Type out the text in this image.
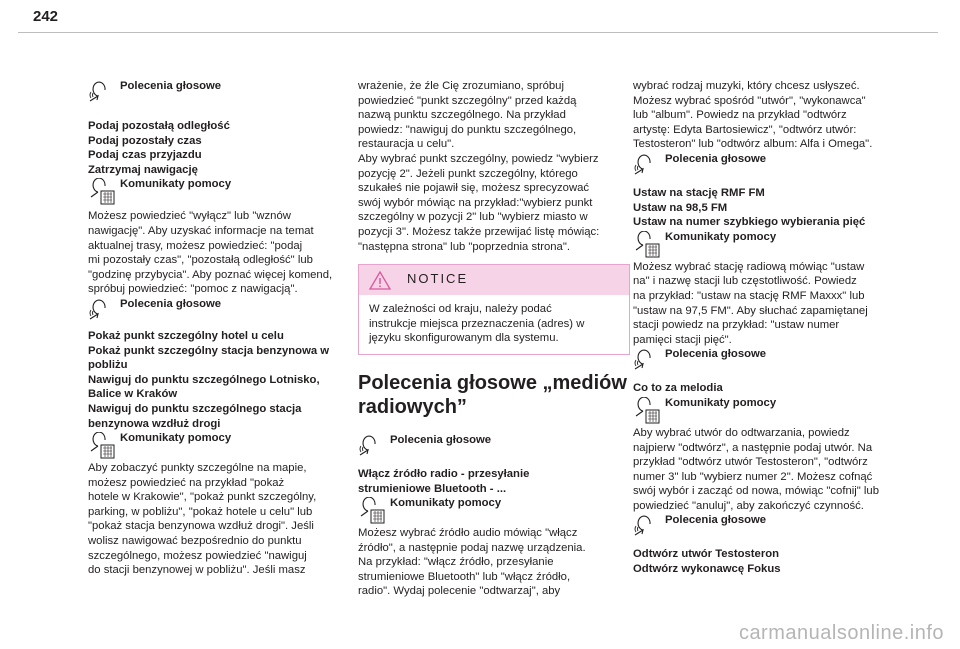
242
Polecenia głosowe
Podaj pozostałą odległość
Podaj pozostały czas
Podaj czas przyjazdu
Zatrzymaj nawigację
Komunikaty pomocy
Możesz powiedzieć "wyłącz" lub "wznów
nawigację". Aby uzyskać informacje na temat
aktualnej trasy, możesz powiedzieć: "podaj
mi pozostały czas", "pozostałą odległość" lub
"godzinę przybycia". Aby poznać więcej komend,
spróbuj powiedzieć: "pomoc z nawigacją".
Polecenia głosowe
Pokaż punkt szczególny hotel u celu
Pokaż punkt szczególny stacja benzynowa w
pobliżu
Nawiguj do punktu szczególnego Lotnisko,
Balice w Kraków
Nawiguj do punktu szczególnego stacja
benzynowa wzdłuż drogi
Komunikaty pomocy
Aby zobaczyć punkty szczególne na mapie,
możesz powiedzieć na przykład "pokaż
hotele w Krakowie", "pokaż punkt szczególny,
parking, w pobliżu", "pokaż hotele u celu" lub
"pokaż stacja benzynowa wzdłuż drogi". Jeśli
wolisz nawigować bezpośrednio do punktu
szczególnego, możesz powiedzieć "nawiguj
do stacji benzynowej w pobliżu". Jeśli masz
wrażenie, że źle Cię zrozumiano, spróbuj
powiedzieć "punkt szczególny" przed każdą
nazwą punktu szczególnego. Na przykład
powiedz: "nawiguj do punktu szczególnego,
restauracja u celu".
Aby wybrać punkt szczególny, powiedz "wybierz
pozycję 2". Jeżeli punkt szczególny, którego
szukałeś nie pojawił się, możesz sprecyzować
swój wybór mówiąc na przykład:"wybierz punkt
szczególny w pozycji 2" lub "wybierz miasto w
pozycji 3". Możesz także przewijać listę mówiąc:
"następna strona" lub "poprzednia strona".
NOTICE
W zależności od kraju, należy podać
instrukcje miejsca przeznaczenia (adres) w
języku skonfigurowanym dla systemu.
Polecenia głosowe „mediów
radiowych”
Polecenia głosowe
Włącz źródło radio - przesyłanie
strumieniowe Bluetooth - ...
Komunikaty pomocy
Możesz wybrać źródło audio mówiąc "włącz
źródło", a następnie podaj nazwę urządzenia.
Na przykład: "włącz źródło, przesyłanie
strumieniowe Bluetooth" lub "włącz źródło,
radio". Wydaj polecenie "odtwarzaj", aby
wybrać rodzaj muzyki, który chcesz usłyszeć.
Możesz wybrać spośród "utwór", "wykonawca"
lub "album". Powiedz na przykład "odtwórz
artystę: Edyta Bartosiewicz", "odtwórz utwór:
Testosteron" lub "odtwórz album: Alfa i Omega".
Polecenia głosowe
Ustaw na stację RMF FM
Ustaw na 98,5 FM
Ustaw na numer szybkiego wybierania pięć
Komunikaty pomocy
Możesz wybrać stację radiową mówiąc "ustaw
na" i nazwę stacji lub częstotliwość. Powiedz
na przykład: "ustaw na stację RMF Maxxx" lub
"ustaw na 97,5 FM". Aby słuchać zapamiętanej
stacji powiedz na przykład: "ustaw numer
pamięci stacji pięć".
Polecenia głosowe
Co to za melodia
Komunikaty pomocy
Aby wybrać utwór do odtwarzania, powiedz
najpierw "odtwórz", a następnie podaj utwór. Na
przykład "odtwórz utwór Testosteron", "odtwórz
numer 3" lub "wybierz numer 2". Możesz cofnąć
swój wybór i zacząć od nowa, mówiąc "cofnij" lub
powiedzieć "anuluj", aby zakończyć czynność.
Polecenia głosowe
Odtwórz utwór Testosteron
Odtwórz wykonawcę Fokus
carmanualsonline.info
